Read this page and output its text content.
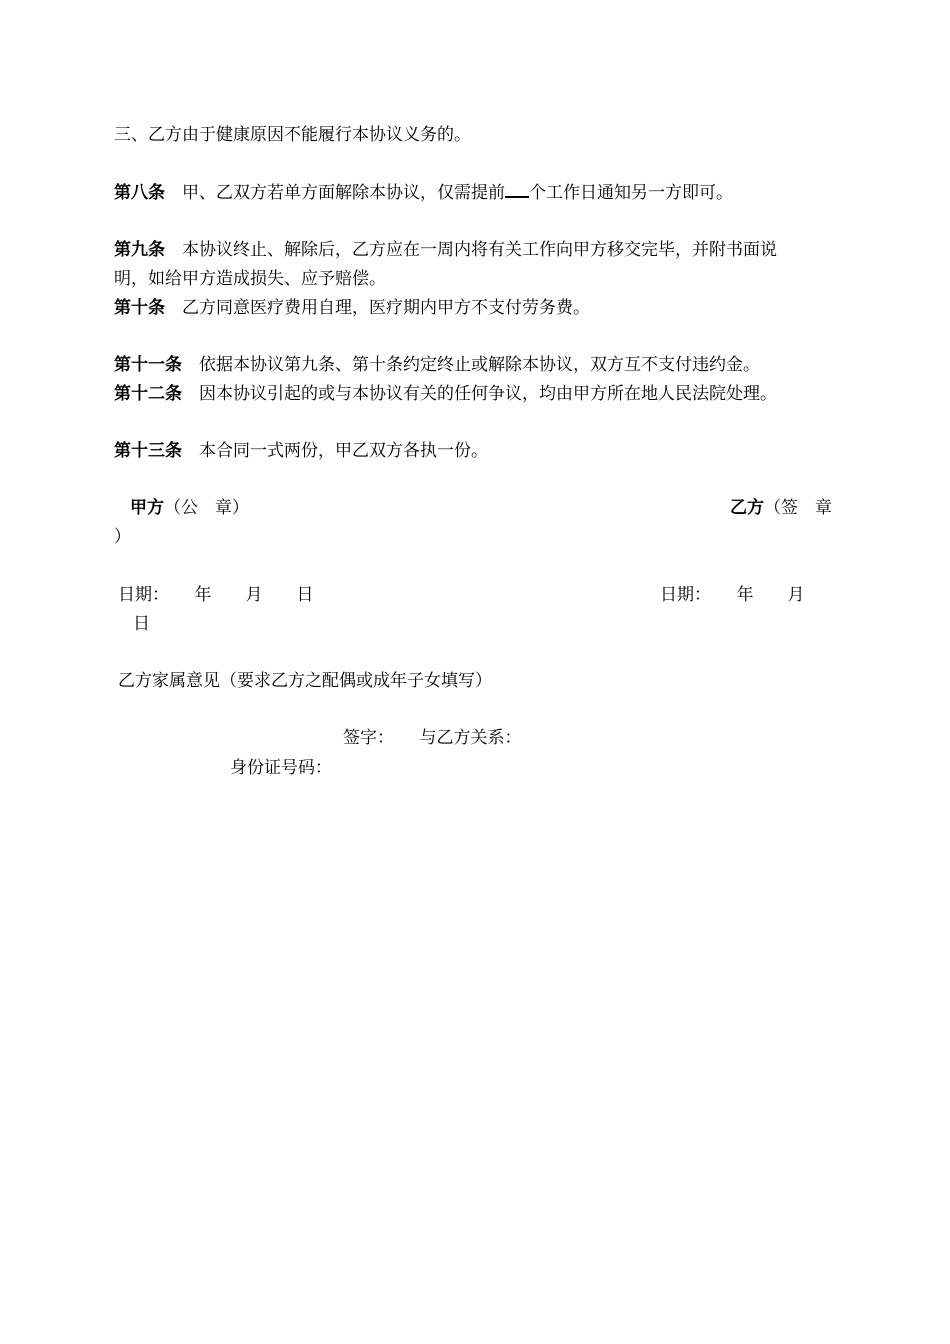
三、乙方由于健康原因不能履行本协议义务的。
第八条　 甲、乙双方若单方面解除本协议，仅需提前 个工作日通知另一方即可。
第九条　 本协议终止、解除后，乙方应在一周内将有关工作向甲方移交完毕，并附书面说
明，如给甲方造成损失、应予赔偿。
第十条　 乙方同意医疗费用自理，医疗期内甲方不支付劳务费。
第十一条　 依据本协议第九条、第十条约定终止或解除本协议，双方互不支付违约金。
第十二条　 因本协议引起的或与本协议有关的任何争议，均由甲方所在地人民法院处理。
第十三条　 本合同一式两份，甲乙双方各执一份。
甲方（公　章）	乙方（签　章
）
日期：　　年　　月　　日	日期：　　年　　月
日
乙方家属意见（要求乙方之配偶或成年子女填写）
签字：　　与乙方关系：
身份证号码：
